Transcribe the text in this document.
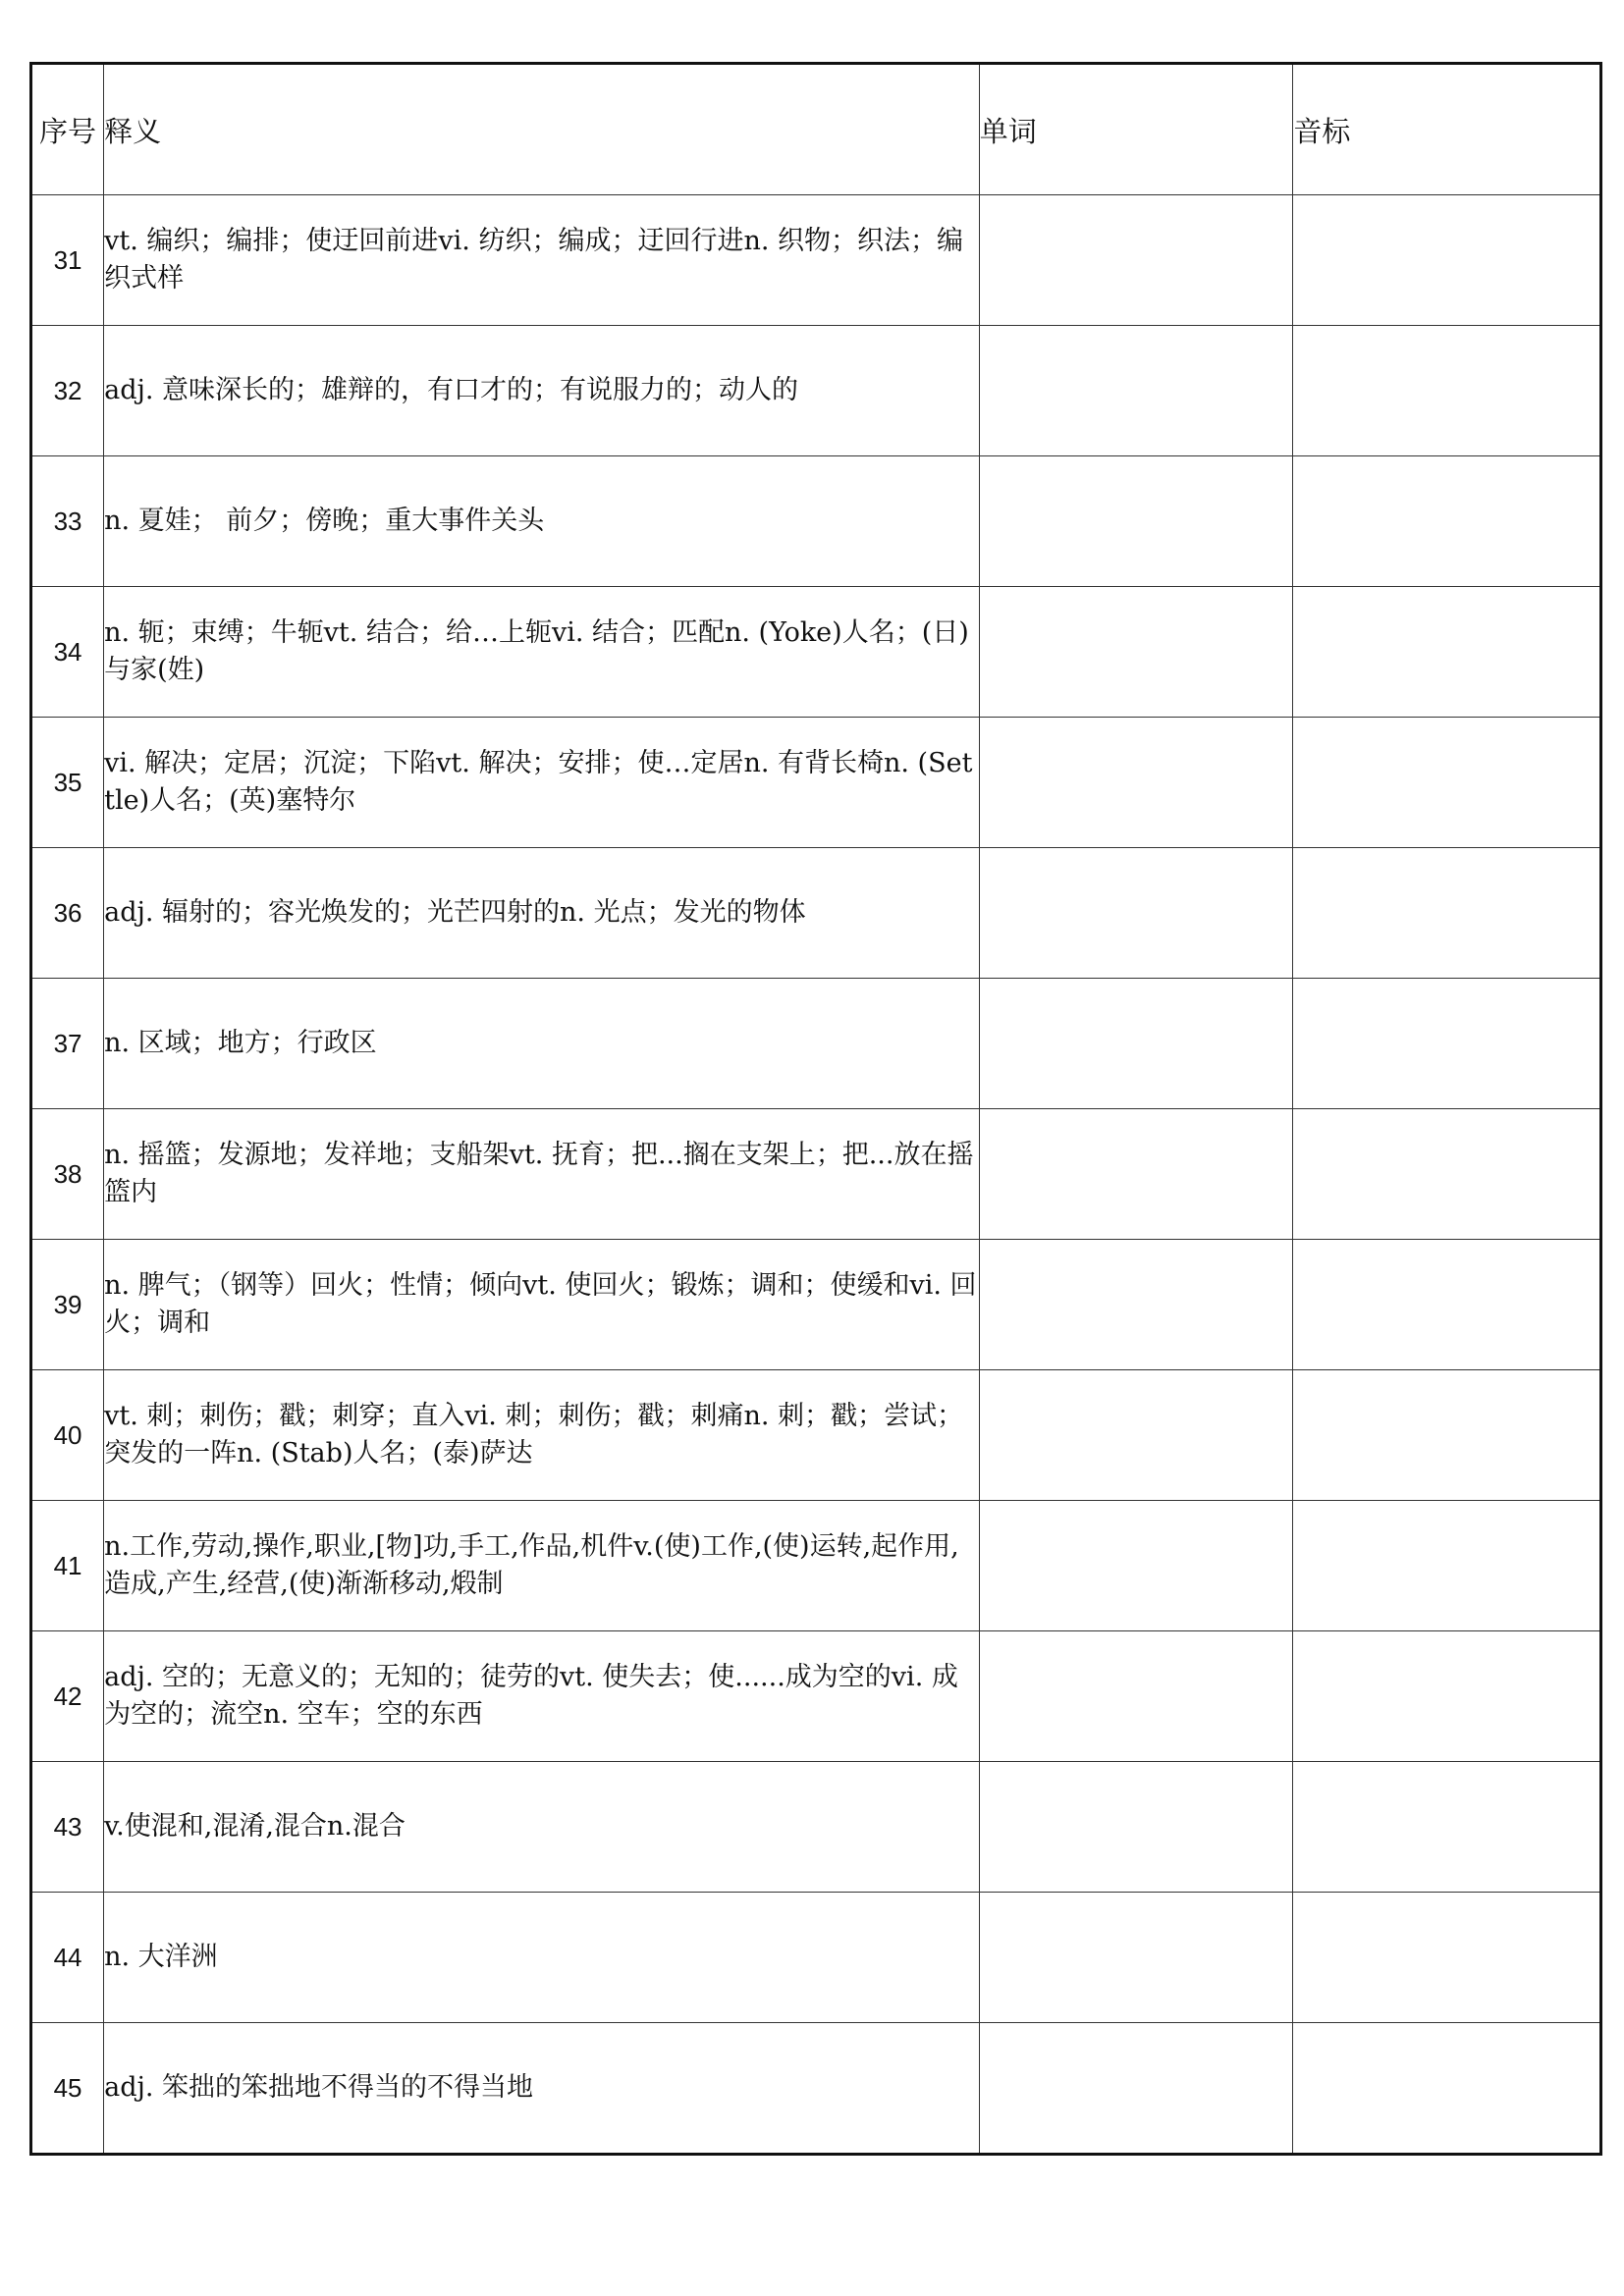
序号	释义	单词	音标
31	vt. 编织；编排；使迂回前进vi. 纺织；编成；迂回行进n. 织物；织法；编织式样		
32	adj. 意味深长的；雄辩的，有口才的；有说服力的；动人的		
33	n. 夏娃； 前夕；傍晚；重大事件关头		
34	n. 轭；束缚；牛轭vt. 结合；给…上轭vi. 结合；匹配n. (Yoke)人名；(日)与家(姓)		
35	vi. 解决；定居；沉淀；下陷vt. 解决；安排；使…定居n. 有背长椅n. (Settle)人名；(英)塞特尔		
36	adj. 辐射的；容光焕发的；光芒四射的n. 光点；发光的物体		
37	n. 区域；地方；行政区		
38	n. 摇篮；发源地；发祥地；支船架vt. 抚育；把...搁在支架上；把...放在摇篮内		
39	n. 脾气；（钢等）回火；性情；倾向vt. 使回火；锻炼；调和；使缓和vi. 回火；调和		
40	vt. 刺；刺伤；戳；刺穿；直入vi. 刺；刺伤；戳；刺痛n. 刺；戳；尝试；突发的一阵n. (Stab)人名；(泰)萨达		
41	n.工作,劳动,操作,职业,[物]功,手工,作品,机件v.(使)工作,(使)运转,起作用,造成,产生,经营,(使)渐渐移动,煅制		
42	adj. 空的；无意义的；无知的；徒劳的vt. 使失去；使......成为空的vi. 成为空的；流空n. 空车；空的东西		
43	v.使混和,混淆,混合n.混合		
44	n. 大洋洲		
45	adj. 笨拙的笨拙地不得当的不得当地		
